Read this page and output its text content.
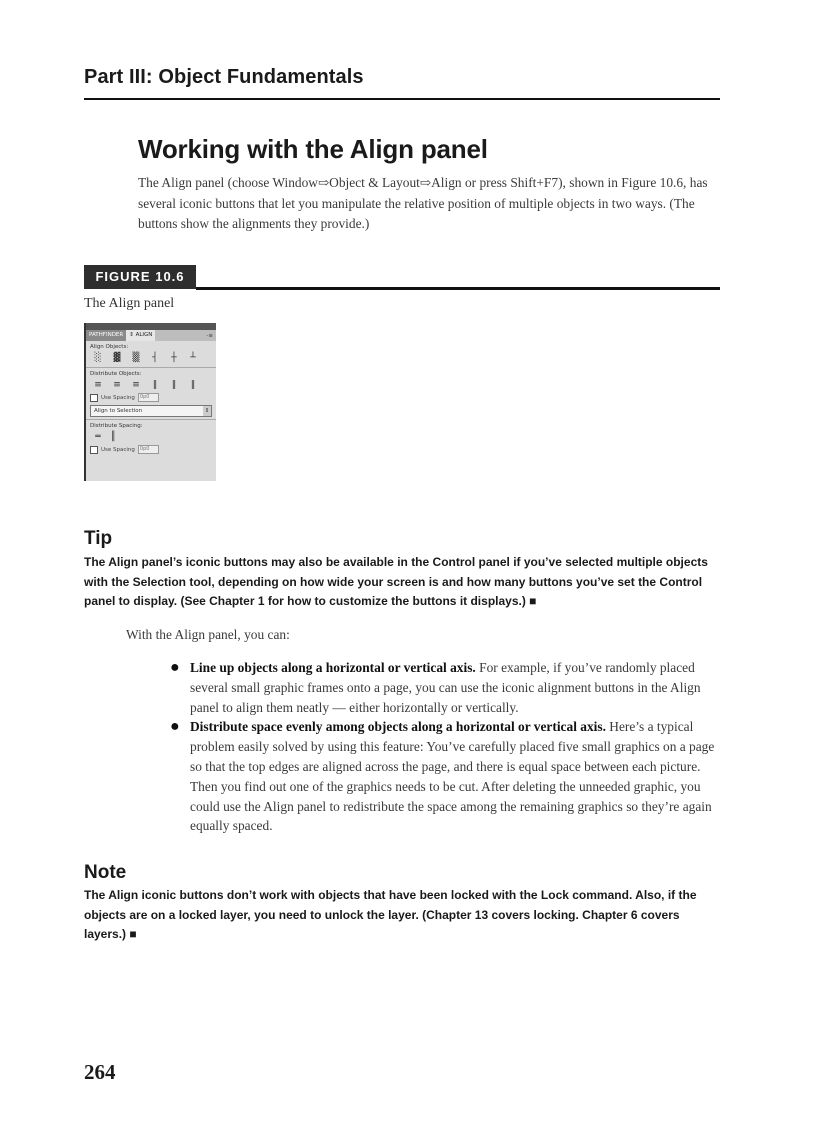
Part III: Object Fundamentals
Working with the Align panel
The Align panel (choose Window⇨Object & Layout⇨Align or press Shift+F7), shown in Figure 10.6, has several iconic buttons that let you manipulate the relative position of multiple objects in two ways. (The buttons show the alignments they provide.)
FIGURE 10.6
The Align panel
PATHFINDER	⇕ ALIGN	-≡
Align Objects:
░ ▓ ▒	┤	┼	┴
Distribute Objects:
≡ ≡ ≡	‖	‖	‖
Use Spacing	0p0
Align to Selection	⇕
Distribute Spacing:
═	║
Use Spacing	0p0
Tip
The Align panel’s iconic buttons may also be available in the Control panel if you’ve selected multiple objects with the Selection tool, depending on how wide your screen is and how many buttons you’ve set the Control panel to display. (See Chapter 1 for how to customize the buttons it displays.) ■
With the Align panel, you can:
● Line up objects along a horizontal or vertical axis. For example, if you’ve randomly placed several small graphic frames onto a page, you can use the iconic alignment buttons in the Align panel to align them neatly — either horizontally or vertically.
● Distribute space evenly among objects along a horizontal or vertical axis. Here’s a typical problem easily solved by using this feature: You’ve carefully placed five small graphics on a page so that the top edges are aligned across the page, and there is equal space between each picture. Then you find out one of the graphics needs to be cut. After deleting the unneeded graphic, you could use the Align panel to redistribute the space among the remaining graphics so they’re again equally spaced.
Note
The Align iconic buttons don’t work with objects that have been locked with the Lock command. Also, if the objects are on a locked layer, you need to unlock the layer. (Chapter 13 covers locking. Chapter 6 covers layers.) ■
264
